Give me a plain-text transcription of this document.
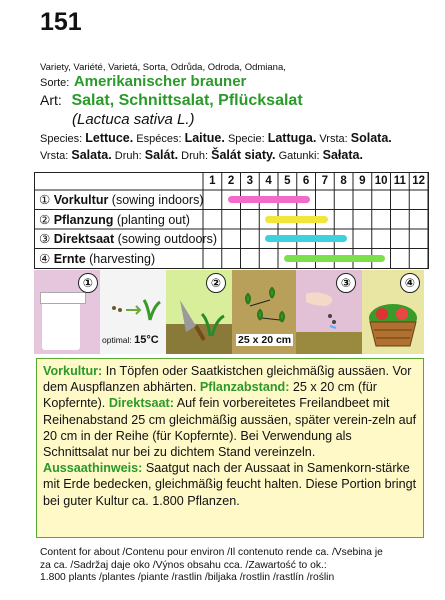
151
Variety, Variété, Varietá, Sorta, Odrůda, Odroda, Odmiana,
Sorte: Amerikanischer brauner
Art: Salat, Schnittsalat, Pflücksalat
(Lactuca sativa L.)
Species: Lettuce. Espéces: Laitue. Specie: Lattuga. Vrsta: Solata.
Vrsta: Salata. Druh: Salát. Druh: Šalát siaty. Gatunki: Sałata.
1	2	3	4	5	6	7	8	9 10 11 12
① Vorkultur (sowing indoors)
② Pflanzung (planting out)
③ Direktsaat (sowing outdoors)
④ Ernte (harvesting)
①
optimal: 15°C
②
25 x 20 cm
③	④
Vorkultur: In Töpfen oder Saatkistchen gleichmäßig aussäen. Vor dem Auspflanzen abhärten. Pflanzabstand: 25 x 20 cm (für Kopfernte). Direktsaat: Auf fein vorbereitetes Freilandbeet mit Reihenabstand 25 cm gleichmäßig aussäen, später verein-zeln auf 20 cm in der Reihe (für Kopfernte). Bei Verwendung als Schnittsalat nur bei zu dichtem Stand vereinzeln. Aussaathinweis: Saatgut nach der Aussaat in Samenkorn-stärke mit Erde bedecken, gleichmäßig feucht halten. Diese Portion bringt bei guter Kultur ca. 1.800 Pflanzen.
Content for about /Contenu pour environ /Il contenuto rende ca. /Vsebina je
za ca. /Sadržaj daje oko /Výnos obsahu cca. /Zawartość to ok.:
1.800 plants /plantes /piante /rastlin /biljaka /rostlin /rastlín /roślin
